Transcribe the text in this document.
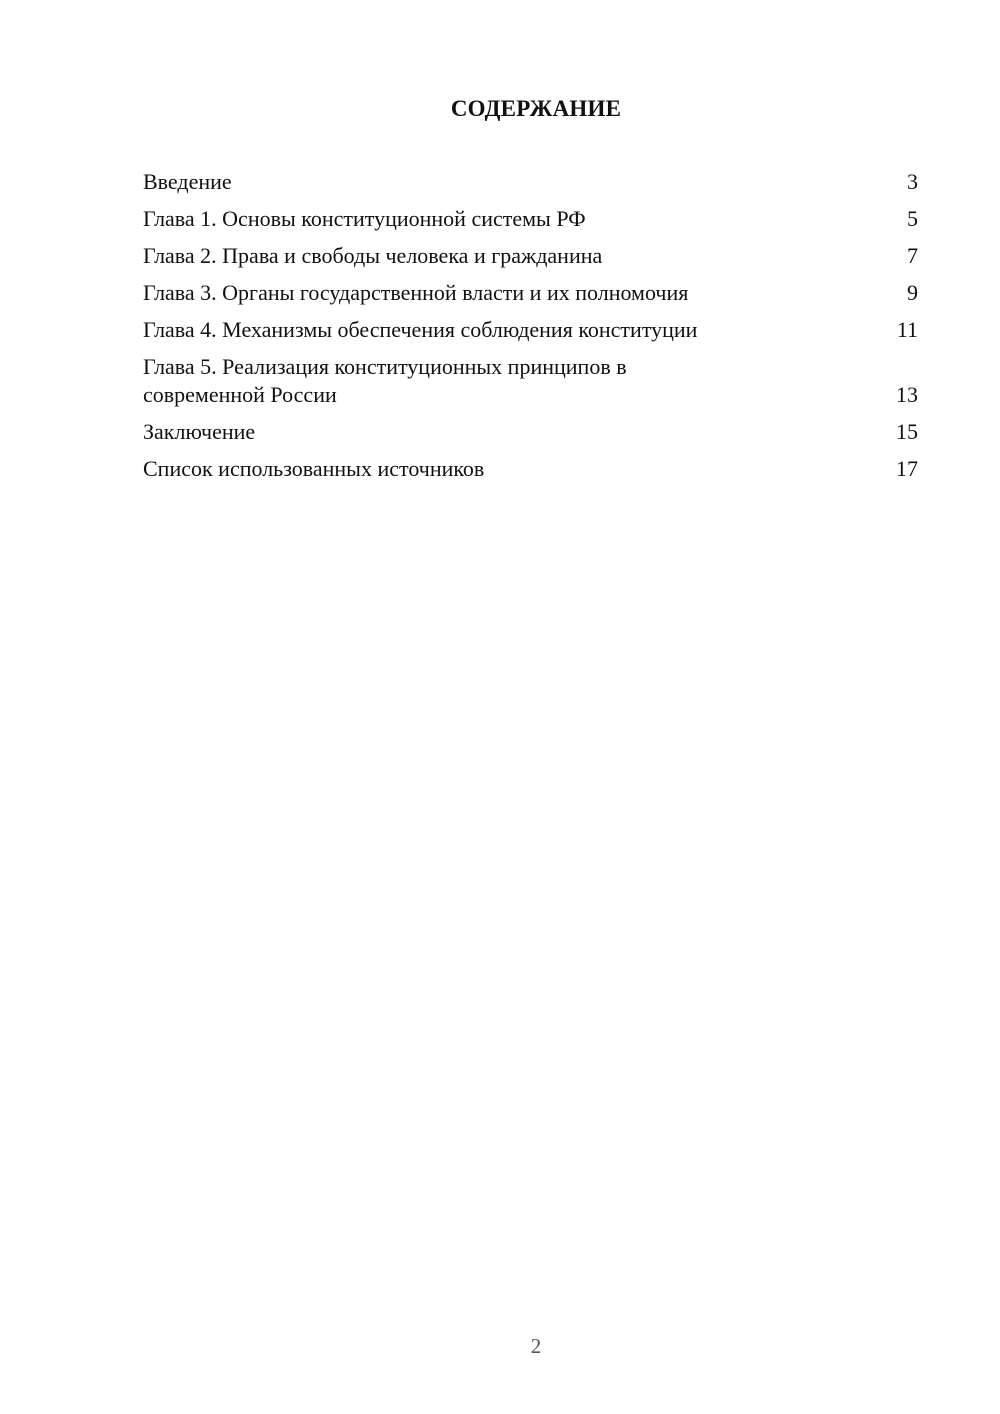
СОДЕРЖАНИЕ
Введение	3
Глава 1. Основы конституционной системы РФ	5
Глава 2. Права и свободы человека и гражданина	7
Глава 3. Органы государственной власти и их полномочия	9
Глава 4. Механизмы обеспечения соблюдения конституции	11
Глава 5. Реализация конституционных принципов в современной России	13
Заключение	15
Список использованных источников	17
2
